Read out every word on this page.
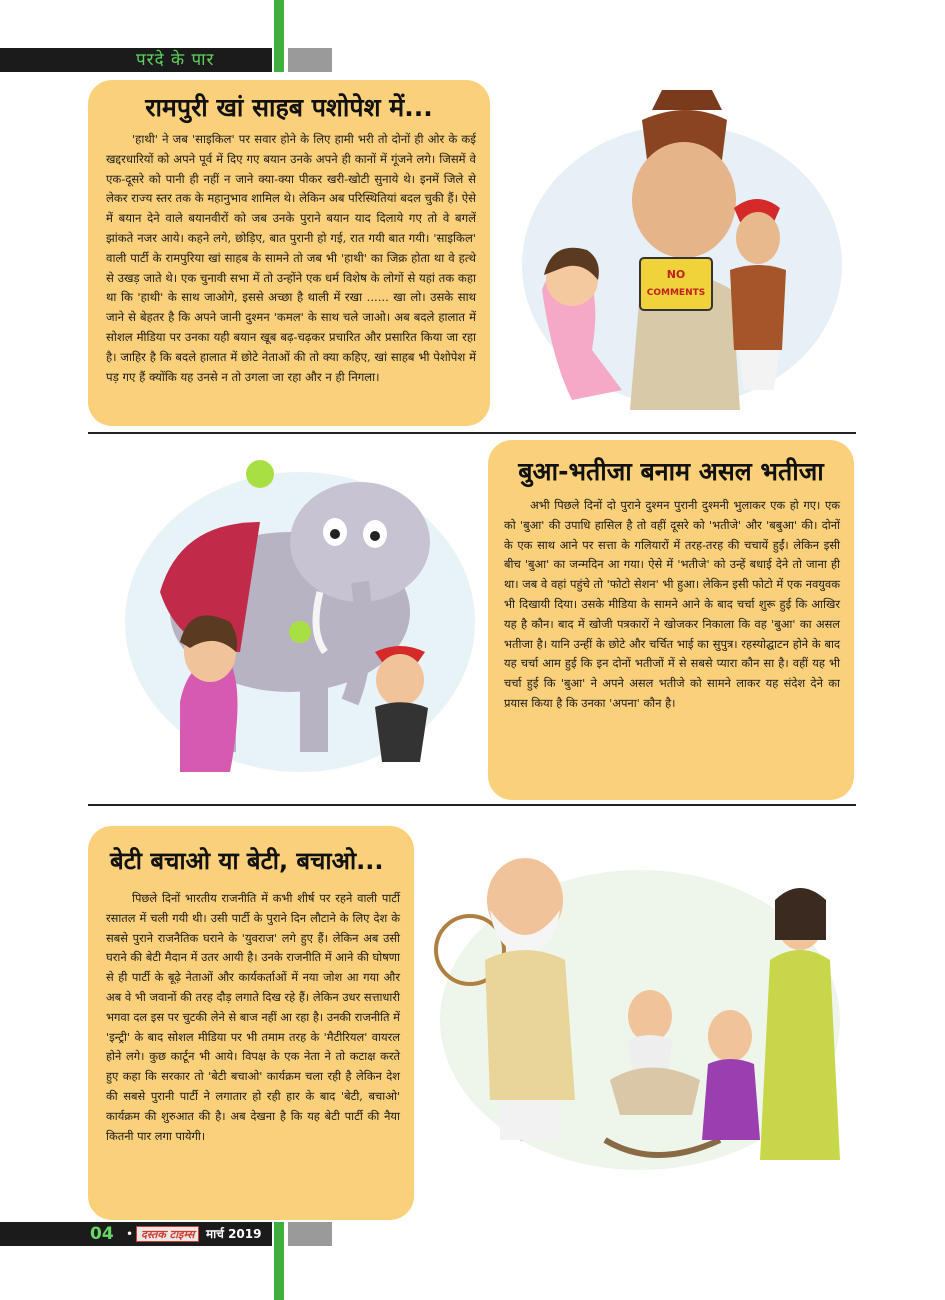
परदे के पार
रामपुरी खां साहब पशोपेश में...

'हाथी' ने जब 'साइकिल' पर सवार होने के लिए हामी भरी तो दोनों ही ओर के कई खद्दरधारियों को अपने पूर्व में दिए गए बयान उनके अपने ही कानों में गूंजने लगे। जिसमें वे एक-दूसरे को पानी ही नहीं न जाने क्या-क्या पीकर खरी-खोटी सुनाये थे। इनमें जिले से लेकर राज्य स्तर तक के महानुभाव शामिल थे। लेकिन अब परिस्थितियां बदल चुकी हैं। ऐसे में बयान देने वाले बयानवीरों को जब उनके पुराने बयान याद दिलाये गए तो वे बगलें झांकते नजर आये। कहने लगे, छोड़िए, बात पुरानी हो गई, रात गयी बात गयी। 'साइकिल' वाली पार्टी के रामपुरिया खां साहब के सामने तो जब भी 'हाथी' का जिक्र होता था वे हत्थे से उखड़ जाते थे। एक चुनावी सभा में तो उन्होंने एक धर्म विशेष के लोगों से यहां तक कहा था कि 'हाथी' के साथ जाओगे, इससे अच्छा है थाली में रखा ...... खा लो। उसके साथ जाने से बेहतर है कि अपने जानी दुश्मन 'कमल' के साथ चले जाओ। अब बदले हालात में सोशल मीडिया पर उनका यही बयान खूब बढ़-चढ़कर प्रचारित और प्रसारित किया जा रहा है। जाहिर है कि बदले हालात में छोटे नेताओं की तो क्या कहिए, खां साहब भी पेशोपेश में पड़ गए हैं क्योंकि यह उनसे न तो उगला जा रहा और न ही निगला।

NO
COMMENTS
बुआ-भतीजा बनाम असल भतीजा

अभी पिछले दिनों दो पुराने दुश्मन पुरानी दुश्मनी भुलाकर एक हो गए। एक को 'बुआ' की उपाधि हासिल है तो वहीं दूसरे को 'भतीजे' और 'बबुआ' की। दोनों के एक साथ आने पर सत्ता के गलियारों में तरह-तरह की चचायें हुईं। लेकिन इसी बीच 'बुआ' का जन्मदिन आ गया। ऐसे में 'भतीजे' को उन्हें बधाई देने तो जाना ही था। जब वे वहां पहुंचे तो 'फोटो सेशन' भी हुआ। लेकिन इसी फोटो में एक नवयुवक भी दिखायी दिया। उसके मीडिया के सामने आने के बाद चर्चा शुरू हुई कि आखिर यह है कौन। बाद में खोजी पत्रकारों ने खोजकर निकाला कि वह 'बुआ' का असल भतीजा है। यानि उन्हीं के छोटे और चर्चित भाई का सुपुत्र। रहस्योद्घाटन होने के बाद यह चर्चा आम हुई कि इन दोनों भतीजों में से सबसे प्यारा कौन सा है। वहीं यह भी चर्चा हुई कि 'बुआ' ने अपने असल भतीजे को सामने लाकर यह संदेश देने का प्रयास किया है कि उनका 'अपना' कौन है।

बेटी बचाओ या बेटी, बचाओ...

पिछले दिनों भारतीय राजनीति में कभी शीर्ष पर रहने वाली पार्टी रसातल में चली गयी थी। उसी पार्टी के पुराने दिन लौटाने के लिए देश के सबसे पुराने राजनैतिक घराने के 'युवराज' लगे हुए हैं। लेकिन अब उसी घराने की बेटी मैदान में उतर आयी है। उनके राजनीति में आने की घोषणा से ही पार्टी के बूढ़े नेताओं और कार्यकर्ताओं में नया जोश आ गया और अब वे भी जवानों की तरह दौड़ लगाते दिख रहे हैं। लेकिन उधर सत्ताधारी भगवा दल इस पर चुटकी लेने से बाज नहीं आ रहा है। उनकी राजनीति में 'इन्ट्री' के बाद सोशल मीडिया पर भी तमाम तरह के 'मैटीरियल' वायरल होने लगे। कुछ कार्टून भी आये। विपक्ष के एक नेता ने तो कटाक्ष करते हुए कहा कि सरकार तो 'बेटी बचाओ' कार्यक्रम चला रही है लेकिन देश की सबसे पुरानी पार्टी ने लगातार हो रही हार के बाद 'बेटी, बचाओ' कार्यक्रम की शुरुआत की है। अब देखना है कि यह बेटी पार्टी की नैया कितनी पार लगा पायेगी।

04 • दस्तक टाइम्स मार्च 2019
